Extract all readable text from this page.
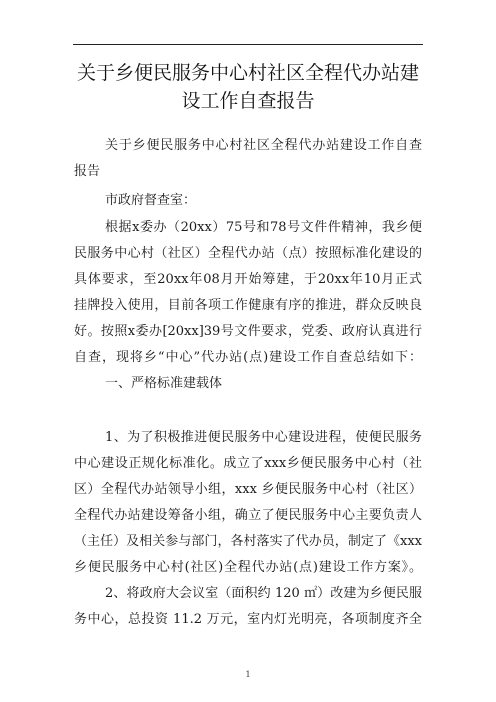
关于乡便民服务中心村社区全程代办站建
设工作自查报告
关于乡便民服务中心村社区全程代办站建设工作自查
报告
市政府督查室：
根据x委办（20xx）75号和78号文件件精神，我乡便
民服务中心村（社区）全程代办站（点）按照标准化建设的
具体要求，至20xx年08月开始筹建，于20xx年10月正式
挂牌投入使用，目前各项工作健康有序的推进，群众反映良
好。按照x委办[20xx]39号文件要求，党委、政府认真进行
自查，现将乡“中心”代办站(点)建设工作自查总结如下：
一、严格标准建载体
1、为了积极推进便民服务中心建设进程，使便民服务
中心建设正规化标准化。成立了xxx乡便民服务中心村（社
区）全程代办站领导小组，xxx 乡便民服务中心村（社区）
全程代办站建设筹备小组，确立了便民服务中心主要负责人
（主任）及相关参与部门，各村落实了代办员，制定了《xxx
乡便民服务中心村(社区)全程代办站(点)建设工作方案》。
2、将政府大会议室（面积约 120 ㎡）改建为乡便民服
务中心，总投资 11.2 万元，室内灯光明亮，各项制度齐全
1
